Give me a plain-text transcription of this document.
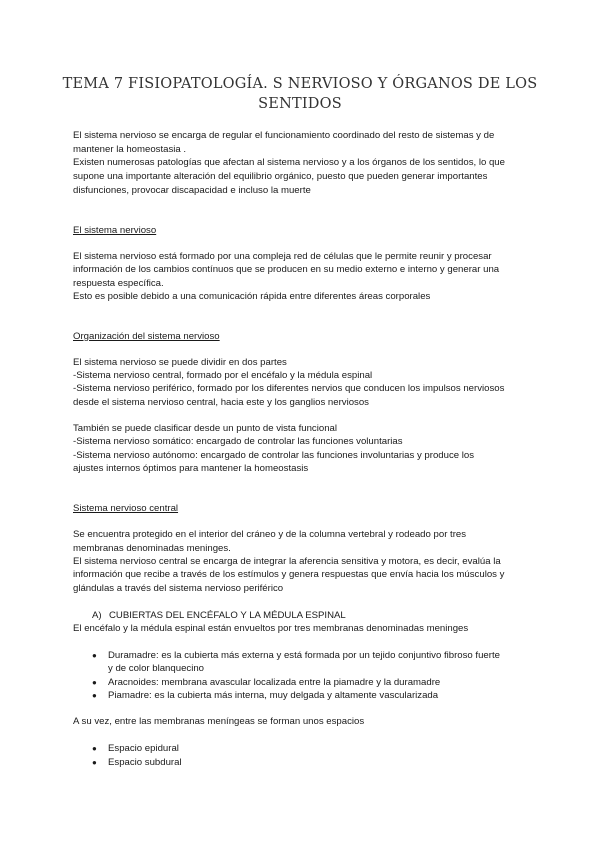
TEMA 7 FISIOPATOLOGÍA. S NERVIOSO Y ÓRGANOS DE LOS
SENTIDOS

El sistema nervioso se encarga de regular el funcionamiento coordinado del resto de sistemas y de

mantener la homeostasia .

Existen numerosas patologías que afectan al sistema nervioso y a los órganos de los sentidos, lo que

supone una importante alteración del equilibrio orgánico, puesto que pueden generar importantes

disfunciones, provocar discapacidad e incluso la muerte

El sistema nervioso

El sistema nervioso está formado por una compleja red de células que le permite reunir y procesar

información de los cambios contínuos que se producen en su medio externo e interno y generar una

respuesta específica.

Esto es posible debido a una comunicación rápida entre diferentes áreas corporales

Organización del sistema nervioso

El sistema nervioso se puede dividir en dos partes

-Sistema nervioso central, formado por el encéfalo y la médula espinal

-Sistema nervioso periférico, formado por los diferentes nervios que conducen los impulsos nerviosos

desde el sistema nervioso central, hacia este y los ganglios nerviosos

También se puede clasificar desde un punto de vista funcional

-Sistema nervioso somático: encargado de controlar las funciones voluntarias

-Sistema nervioso autónomo: encargado de controlar las funciones involuntarias y produce los

ajustes internos óptimos para mantener la homeostasis

Sistema nervioso central

Se encuentra protegido en el interior del cráneo y de la columna vertebral y rodeado por tres

membranas denominadas meninges.

El sistema nervioso central se encarga de integrar la aferencia sensitiva y motora, es decir, evalúa la

información que recibe a través de los estímulos y genera respuestas que envía hacia los músculos y

glándulas a través del sistema nervioso periférico

A) CUBIERTAS DEL ENCÉFALO Y LA MÉDULA ESPINAL

El encéfalo y la médula espinal están envueltos por tres membranas denominadas meninges

● Duramadre: es la cubierta más externa y está formada por un tejido conjuntivo fibroso fuerte

y de color blanquecino

● Aracnoides: membrana avascular localizada entre la piamadre y la duramadre

● Piamadre: es la cubierta más interna, muy delgada y altamente vascularizada

A su vez, entre las membranas meníngeas se forman unos espacios

● Espacio epidural

● Espacio subdural
